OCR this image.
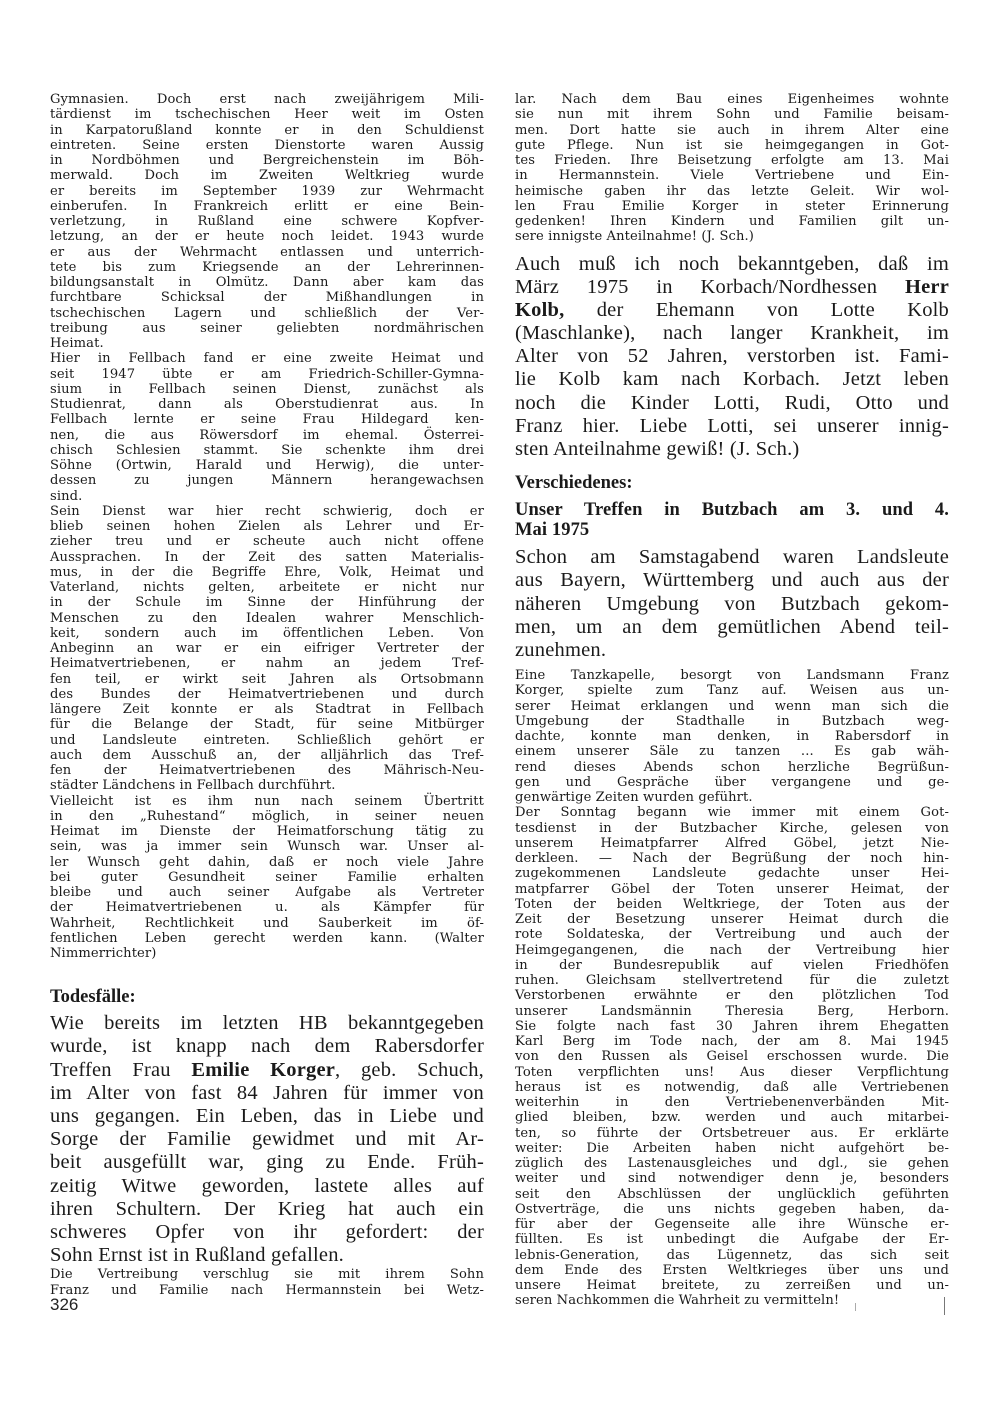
Gymnasien. Doch erst nach zweijährigem Mili-
tärdienst im tschechischen Heer weit im Osten
in Karpatorußland konnte er in den Schuldienst
eintreten. Seine ersten Dienstorte waren Aussig
in Nordböhmen und Bergreichenstein im Böh-
merwald. Doch im Zweiten Weltkrieg wurde
er bereits im September 1939 zur Wehrmacht
einberufen. In Frankreich erlitt er eine Bein-
verletzung, in Rußland eine schwere Kopfver-
letzung, an der er heute noch leidet. 1943 wurde
er aus der Wehrmacht entlassen und unterrich-
tete bis zum Kriegsende an der Lehrerinnen-
bildungsanstalt in Olmütz. Dann aber kam das
furchtbare Schicksal der Mißhandlungen in
tschechischen Lagern und schließlich der Ver-
treibung aus seiner geliebten nordmährischen
Heimat.
Hier in Fellbach fand er eine zweite Heimat und
seit 1947 übte er am Friedrich-Schiller-Gymna-
sium in Fellbach seinen Dienst, zunächst als
Studienrat, dann als Oberstudienrat aus. In
Fellbach lernte er seine Frau Hildegard ken-
nen, die aus Röwersdorf im ehemal. Österrei-
chisch Schlesien stammt. Sie schenkte ihm drei
Söhne (Ortwin, Harald und Herwig), die unter-
dessen zu jungen Männern herangewachsen
sind.
Sein Dienst war hier recht schwierig, doch er
blieb seinen hohen Zielen als Lehrer und Er-
zieher treu und er scheute auch nicht offene
Aussprachen. In der Zeit des satten Materialis-
mus, in der die Begriffe Ehre, Volk, Heimat und
Vaterland, nichts gelten, arbeitete er nicht nur
in der Schule im Sinne der Hinführung der
Menschen zu den Idealen wahrer Menschlich-
keit, sondern auch im öffentlichen Leben. Von
Anbeginn an war er ein eifriger Vertreter der
Heimatvertriebenen, er nahm an jedem Tref-
fen teil, er wirkt seit Jahren als Ortsobmann
des Bundes der Heimatvertriebenen und durch
längere Zeit konnte er als Stadtrat in Fellbach
für die Belange der Stadt, für seine Mitbürger
und Landsleute eintreten. Schließlich gehört er
auch dem Ausschuß an, der alljährlich das Tref-
fen der Heimatvertriebenen des Mährisch-Neu-
städter Ländchens in Fellbach durchführt.
Vielleicht ist es ihm nun nach seinem Übertritt
in den „Ruhestand“ möglich, in seiner neuen
Heimat im Dienste der Heimatforschung tätig zu
sein, was ja immer sein Wunsch war. Unser al-
ler Wunsch geht dahin, daß er noch viele Jahre
bei guter Gesundheit seiner Familie erhalten
bleibe und auch seiner Aufgabe als Vertreter
der Heimatvertriebenen u. als Kämpfer für
Wahrheit, Rechtlichkeit und Sauberkeit im öf-
fentlichen Leben gerecht werden kann. (Walter
Nimmerrichter)
Todesfälle:
Wie bereits im letzten HB bekanntgegeben
wurde, ist knapp nach dem Rabersdorfer
Treffen Frau Emilie Korger, geb. Schuch,
im Alter von fast 84 Jahren für immer von
uns gegangen. Ein Leben, das in Liebe und
Sorge der Familie gewidmet und mit Ar-
beit ausgefüllt war, ging zu Ende. Früh-
zeitig Witwe geworden, lastete alles auf
ihren Schultern. Der Krieg hat auch ein
schweres Opfer von ihr gefordert: der
Sohn Ernst ist in Rußland gefallen.
Die Vertreibung verschlug sie mit ihrem Sohn
Franz und Familie nach Hermannstein bei Wetz-
lar. Nach dem Bau eines Eigenheimes wohnte
sie nun mit ihrem Sohn und Familie beisam-
men. Dort hatte sie auch in ihrem Alter eine
gute Pflege. Nun ist sie heimgegangen in Got-
tes Frieden. Ihre Beisetzung erfolgte am 13. Mai
in Hermannstein. Viele Vertriebene und Ein-
heimische gaben ihr das letzte Geleit. Wir wol-
len Frau Emilie Korger in steter Erinnerung
gedenken! Ihren Kindern und Familien gilt un-
sere innigste Anteilnahme! (J. Sch.)
Auch muß ich noch bekanntgeben, daß im
März 1975 in Korbach/Nordhessen Herr
Kolb, der Ehemann von Lotte Kolb
(Maschlanke), nach langer Krankheit, im
Alter von 52 Jahren, verstorben ist. Fami-
lie Kolb kam nach Korbach. Jetzt leben
noch die Kinder Lotti, Rudi, Otto und
Franz hier. Liebe Lotti, sei unserer innig-
sten Anteilnahme gewiß! (J. Sch.)
Verschiedenes:
Unser Treffen in Butzbach am 3. und 4.
Mai 1975
Schon am Samstagabend waren Landsleute
aus Bayern, Württemberg und auch aus der
näheren Umgebung von Butzbach gekom-
men, um an dem gemütlichen Abend teil-
zunehmen.
Eine Tanzkapelle, besorgt von Landsmann Franz
Korger, spielte zum Tanz auf. Weisen aus un-
serer Heimat erklangen und wenn man sich die
Umgebung der Stadthalle in Butzbach weg-
dachte, konnte man denken, in Rabersdorf in
einem unserer Säle zu tanzen ... Es gab wäh-
rend dieses Abends schon herzliche Begrüßun-
gen und Gespräche über vergangene und ge-
genwärtige Zeiten wurden geführt.
Der Sonntag begann wie immer mit einem Got-
tesdienst in der Butzbacher Kirche, gelesen von
unserem Heimatpfarrer Alfred Göbel, jetzt Nie-
derkleen. — Nach der Begrüßung der noch hin-
zugekommenen Landsleute gedachte unser Hei-
matpfarrer Göbel der Toten unserer Heimat, der
Toten der beiden Weltkriege, der Toten aus der
Zeit der Besetzung unserer Heimat durch die
rote Soldateska, der Vertreibung und auch der
Heimgegangenen, die nach der Vertreibung hier
in der Bundesrepublik auf vielen Friedhöfen
ruhen. Gleichsam stellvertretend für die zuletzt
Verstorbenen erwähnte er den plötzlichen Tod
unserer Landsmännin Theresia Berg, Herborn.
Sie folgte nach fast 30 Jahren ihrem Ehegatten
Karl Berg im Tode nach, der am 8. Mai 1945
von den Russen als Geisel erschossen wurde. Die
Toten verpflichten uns! Aus dieser Verpflichtung
heraus ist es notwendig, daß alle Vertriebenen
weiterhin in den Vertriebenenverbänden Mit-
glied bleiben, bzw. werden und auch mitarbei-
ten, so führte der Ortsbetreuer aus. Er erklärte
weiter: Die Arbeiten haben nicht aufgehört be-
züglich des Lastenausgleiches und dgl., sie gehen
weiter und sind notwendiger denn je, besonders
seit den Abschlüssen der unglücklich geführten
Ostverträge, die uns nichts gegeben haben, da-
für aber der Gegenseite alle ihre Wünsche er-
füllten. Es ist unbedingt die Aufgabe der Er-
lebnis-Generation, das Lügennetz, das sich seit
dem Ende des Ersten Weltkrieges über uns und
unsere Heimat breitete, zu zerreißen und un-
seren Nachkommen die Wahrheit zu vermitteln!
326
